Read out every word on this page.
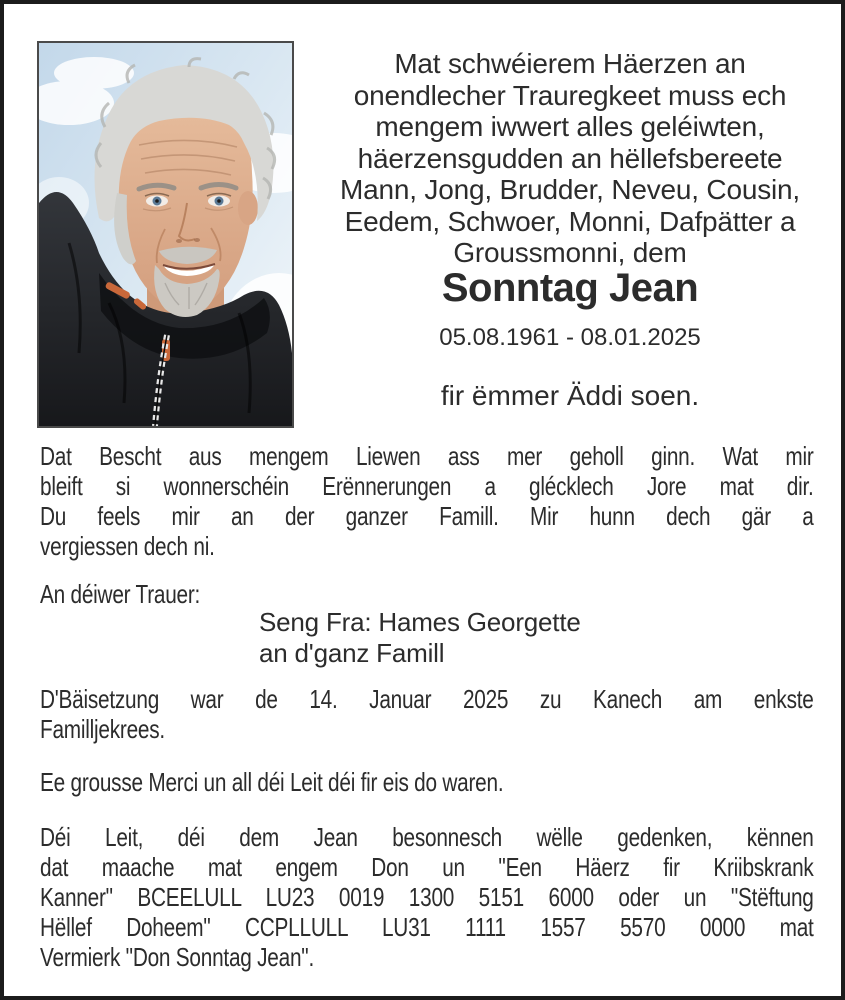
Mat schwéierem Häerzen an
onendlecher Trauregkeet muss ech
mengem iwwert alles geléiwten,
häerzensgudden an hëllefsbereete
Mann, Jong, Brudder, Neveu, Cousin,
Eedem, Schwoer, Monni, Dafpätter a
Groussmonni, dem
Sonntag Jean
05.08.1961 - 08.01.2025
fir ëmmer Äddi soen.
Dat Bescht aus mengem Liewen ass mer geholl ginn. Wat mir
bleift si wonnerschéin Erënnerungen a glécklech Jore mat dir.
Du feels mir an der ganzer Famill. Mir hunn dech gär a
vergiessen dech ni.
An déiwer Trauer:
Seng Fra: Hames Georgette
an d'ganz Famill
D'Bäisetzung war de 14. Januar 2025 zu Kanech am enkste
Familljekrees.
Ee grousse Merci un all déi Leit déi fir eis do waren.
Déi Leit, déi dem Jean besonnesch wëlle gedenken, kënnen
dat maache mat engem Don un "Een Häerz fir Kriibskrank
Kanner" BCEELULL LU23 0019 1300 5151 6000 oder un "Stëftung
Hëllef Doheem" CCPLLULL LU31 1111 1557 5570 0000 mat
Vermierk "Don Sonntag Jean".
